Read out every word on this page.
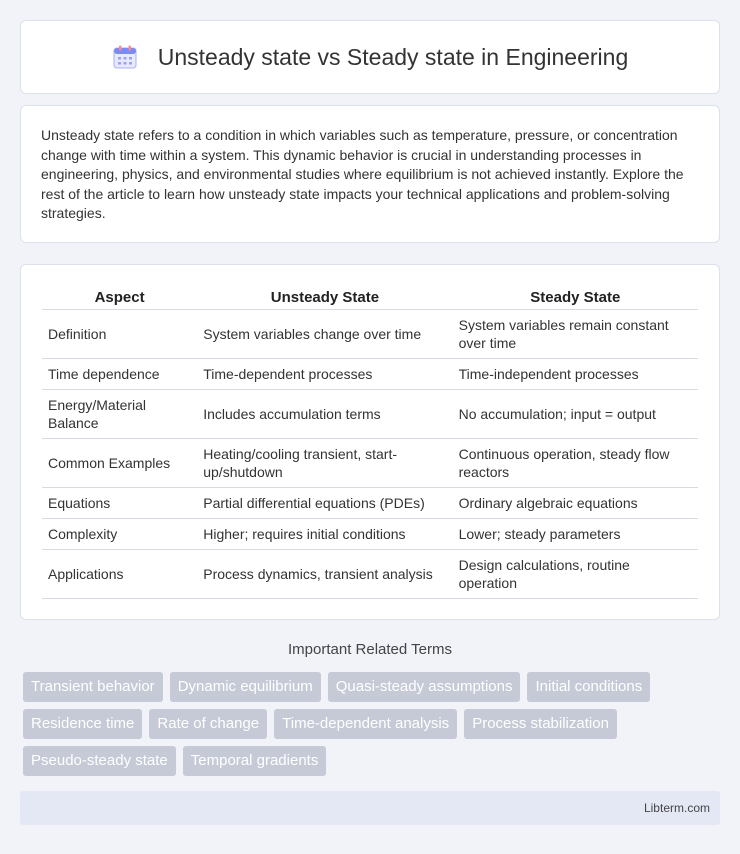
Unsteady state vs Steady state in Engineering

Unsteady state refers to a condition in which variables such as temperature, pressure, or concentration change with time within a system. This dynamic behavior is crucial in understanding processes in engineering, physics, and environmental studies where equilibrium is not achieved instantly. Explore the rest of the article to learn how unsteady state impacts your technical applications and problem-solving strategies.

Aspect	Unsteady State	Steady State
Definition	System variables change over time	System variables remain constant over time
Time dependence	Time-dependent processes	Time-independent processes
Energy/Material Balance	Includes accumulation terms	No accumulation; input = output
Common Examples	Heating/cooling transient, start-up/shutdown	Continuous operation, steady flow reactors
Equations	Partial differential equations (PDEs)	Ordinary algebraic equations
Complexity	Higher; requires initial conditions	Lower; steady parameters
Applications	Process dynamics, transient analysis	Design calculations, routine operation
Important Related Terms
Transient behavior	Dynamic equilibrium	Quasi-steady assumptions	Initial conditions
Residence time	Rate of change	Time-dependent analysis	Process stabilization
Pseudo-steady state	Temporal gradients
Libterm.com
